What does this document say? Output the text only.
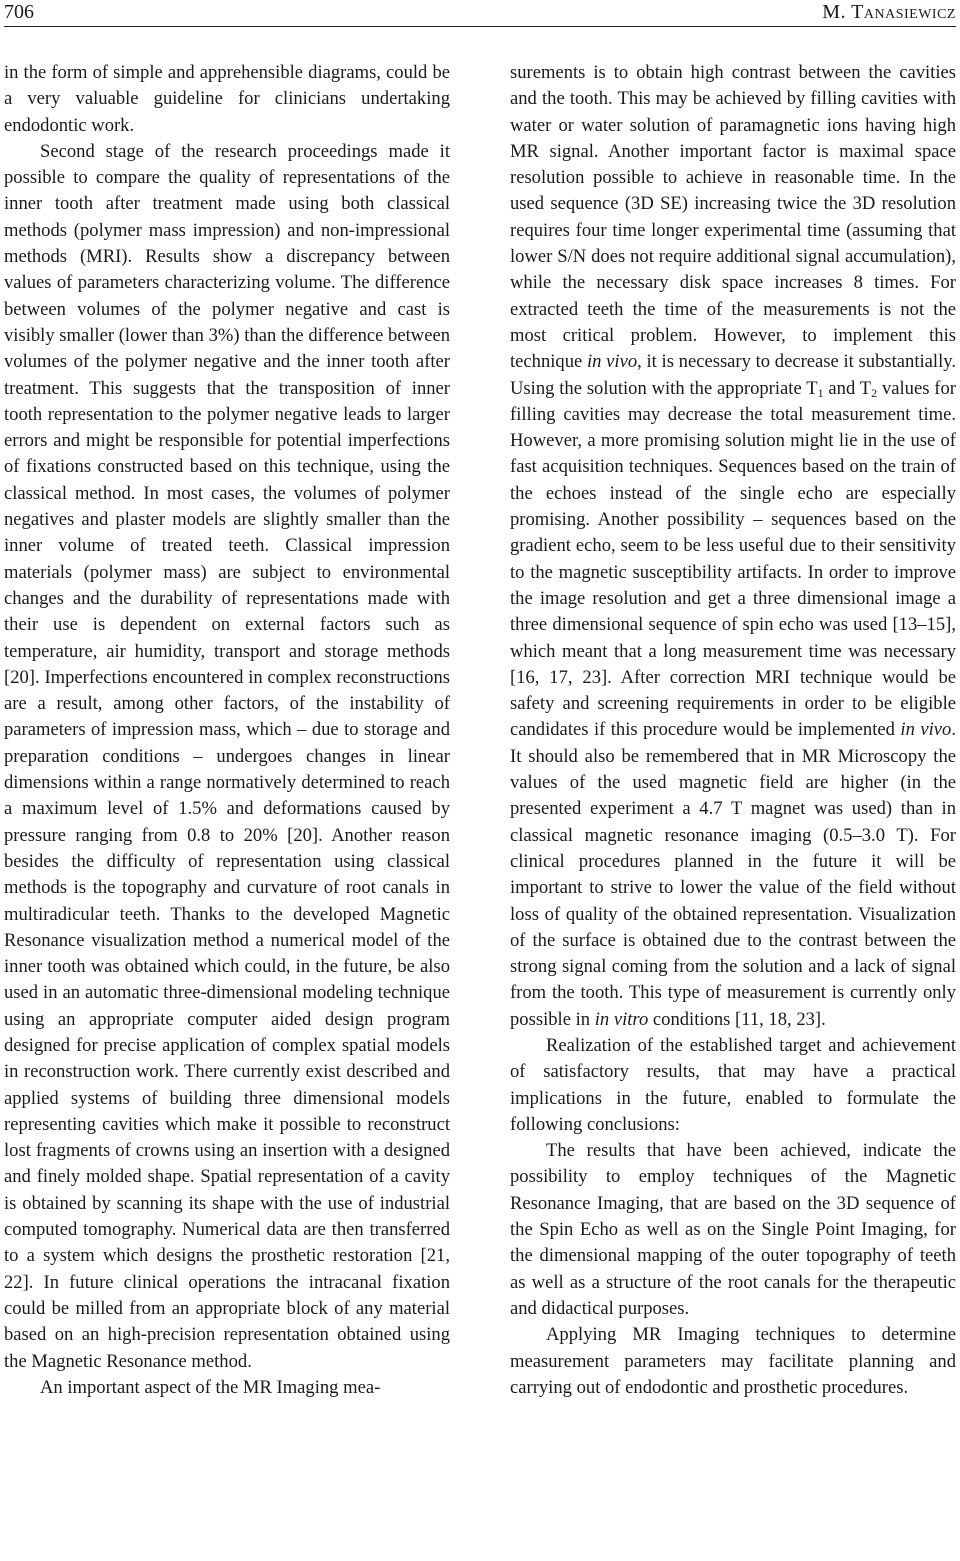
706	M. Tanasiewicz

in the form of simple and apprehensible diagrams, could be a very valuable guideline for clinicians undertaking endodontic work.

Second stage of the research proceedings made it possible to compare the quality of representations of the inner tooth after treatment made using both classical methods (polymer mass impression) and non-impressional methods (MRI). Results show a discrepancy between values of parameters characterizing volume. The difference between volumes of the polymer negative and cast is visibly smaller (lower than 3%) than the difference between volumes of the polymer negative and the inner tooth after treatment. This suggests that the transposition of inner tooth representation to the polymer negative leads to larger errors and might be responsible for potential imperfections of fixations constructed based on this technique, using the classical method. In most cases, the volumes of polymer negatives and plaster models are slightly smaller than the inner volume of treated teeth. Classical impression materials (polymer mass) are subject to environmental changes and the durability of representations made with their use is dependent on external factors such as temperature, air humidity, transport and storage methods [20]. Imperfections encountered in complex reconstructions are a result, among other factors, of the instability of parameters of impression mass, which – due to storage and preparation conditions – undergoes changes in linear dimensions within a range normatively determined to reach a maximum level of 1.5% and deformations caused by pressure ranging from 0.8 to 20% [20]. Another reason besides the difficulty of representation using classical methods is the topography and curvature of root canals in multiradicular teeth. Thanks to the developed Magnetic Resonance visualization method a numerical model of the inner tooth was obtained which could, in the future, be also used in an automatic three-dimensional modeling technique using an appropriate computer aided design program designed for precise application of complex spatial models in reconstruction work. There currently exist described and applied systems of building three dimensional models representing cavities which make it possible to reconstruct lost fragments of crowns using an insertion with a designed and finely molded shape. Spatial representation of a cavity is obtained by scanning its shape with the use of industrial computed tomography. Numerical data are then transferred to a system which designs the prosthetic restoration [21, 22]. In future clinical operations the intracanal fixation could be milled from an appropriate block of any material based on an high-precision representation obtained using the Magnetic Resonance method.

An important aspect of the MR Imaging mea-

surements is to obtain high contrast between the cavities and the tooth. This may be achieved by filling cavities with water or water solution of paramagnetic ions having high MR signal. Another important factor is maximal space resolution possible to achieve in reasonable time. In the used sequence (3D SE) increasing twice the 3D resolution requires four time longer experimental time (assuming that lower S/N does not require additional signal accumulation), while the necessary disk space increases 8 times. For extracted teeth the time of the measurements is not the most critical problem. However, to implement this technique in vivo, it is necessary to decrease it substantially. Using the solution with the appropriate $T_1$ and $T_2$ values for filling cavities may decrease the total measurement time. However, a more promising solution might lie in the use of fast acquisition techniques. Sequences based on the train of the echoes instead of the single echo are especially promising. Another possibility – sequences based on the gradient echo, seem to be less useful due to their sensitivity to the magnetic susceptibility artifacts. In order to improve the image resolution and get a three dimensional image a three dimensional sequence of spin echo was used [13–15], which meant that a long measurement time was necessary [16, 17, 23]. After correction MRI technique would be safety and screening requirements in order to be eligible candidates if this procedure would be implemented in vivo. It should also be remembered that in MR Microscopy the values of the used magnetic field are higher (in the presented experiment a 4.7 T magnet was used) than in classical magnetic resonance imaging (0.5–3.0 T). For clinical procedures planned in the future it will be important to strive to lower the value of the field without loss of quality of the obtained representation. Visualization of the surface is obtained due to the contrast between the strong signal coming from the solution and a lack of signal from the tooth. This type of measurement is currently only possible in in vitro conditions [11, 18, 23].

Realization of the established target and achievement of satisfactory results, that may have a practical implications in the future, enabled to formulate the following conclusions:

The results that have been achieved, indicate the possibility to employ techniques of the Magnetic Resonance Imaging, that are based on the 3D sequence of the Spin Echo as well as on the Single Point Imaging, for the dimensional mapping of the outer topography of teeth as well as a structure of the root canals for the therapeutic and didactical purposes.

Applying MR Imaging techniques to determine measurement parameters may facilitate planning and carrying out of endodontic and prosthetic procedures.
